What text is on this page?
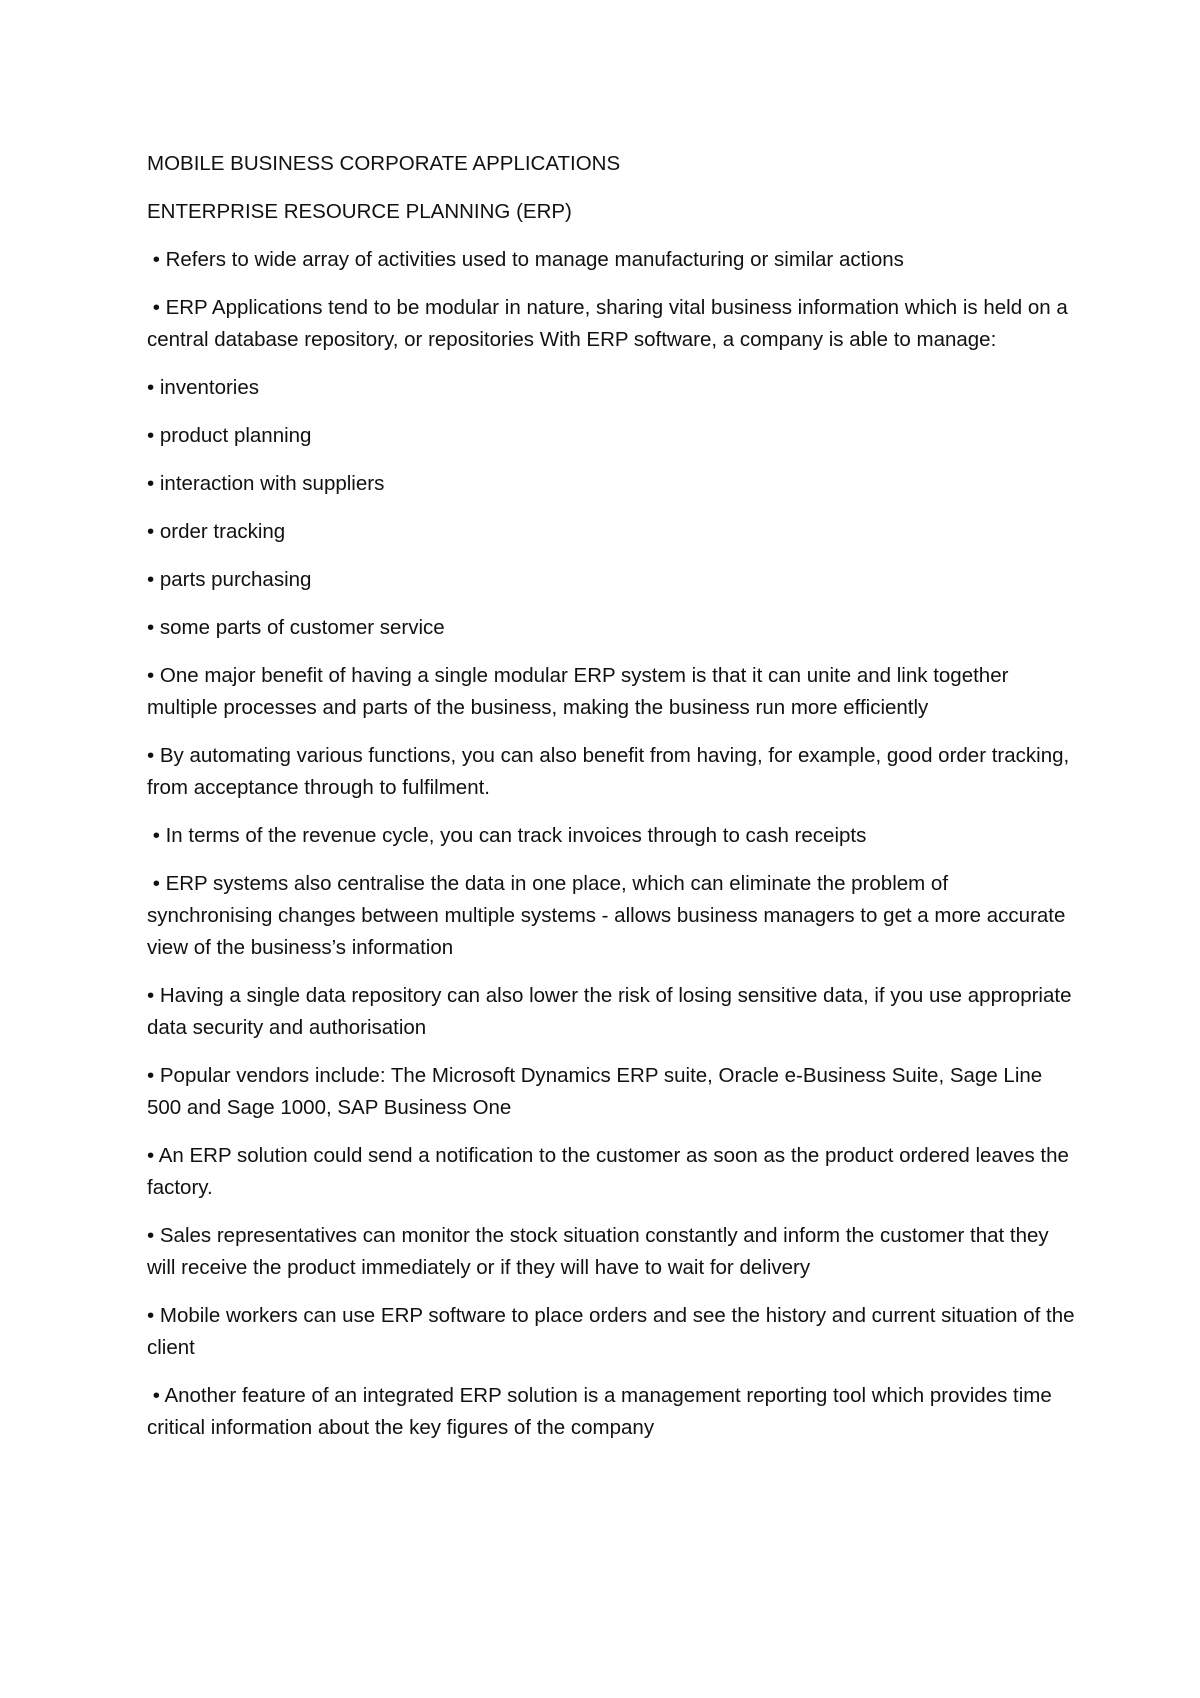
MOBILE BUSINESS CORPORATE APPLICATIONS

ENTERPRISE RESOURCE PLANNING (ERP)

• Refers to wide array of activities used to manage manufacturing or similar actions

• ERP Applications tend to be modular in nature, sharing vital business information which is held on a central database repository, or repositories With ERP software, a company is able to manage:

• inventories

• product planning

• interaction with suppliers

• order tracking

• parts purchasing

• some parts of customer service

• One major benefit of having a single modular ERP system is that it can unite and link together multiple processes and parts of the business, making the business run more efficiently

• By automating various functions, you can also benefit from having, for example, good order tracking, from acceptance through to fulfilment.

• In terms of the revenue cycle, you can track invoices through to cash receipts

• ERP systems also centralise the data in one place, which can eliminate the problem of synchronising changes between multiple systems - allows business managers to get a more accurate view of the business’s information

• Having a single data repository can also lower the risk of losing sensitive data, if you use appropriate data security and authorisation

• Popular vendors include: The Microsoft Dynamics ERP suite, Oracle e-Business Suite, Sage Line 500 and Sage 1000, SAP Business One

• An ERP solution could send a notification to the customer as soon as the product ordered leaves the factory.

• Sales representatives can monitor the stock situation constantly and inform the customer that they will receive the product immediately or if they will have to wait for delivery

• Mobile workers can use ERP software to place orders and see the history and current situation of the client

• Another feature of an integrated ERP solution is a management reporting tool which provides time critical information about the key figures of the company
